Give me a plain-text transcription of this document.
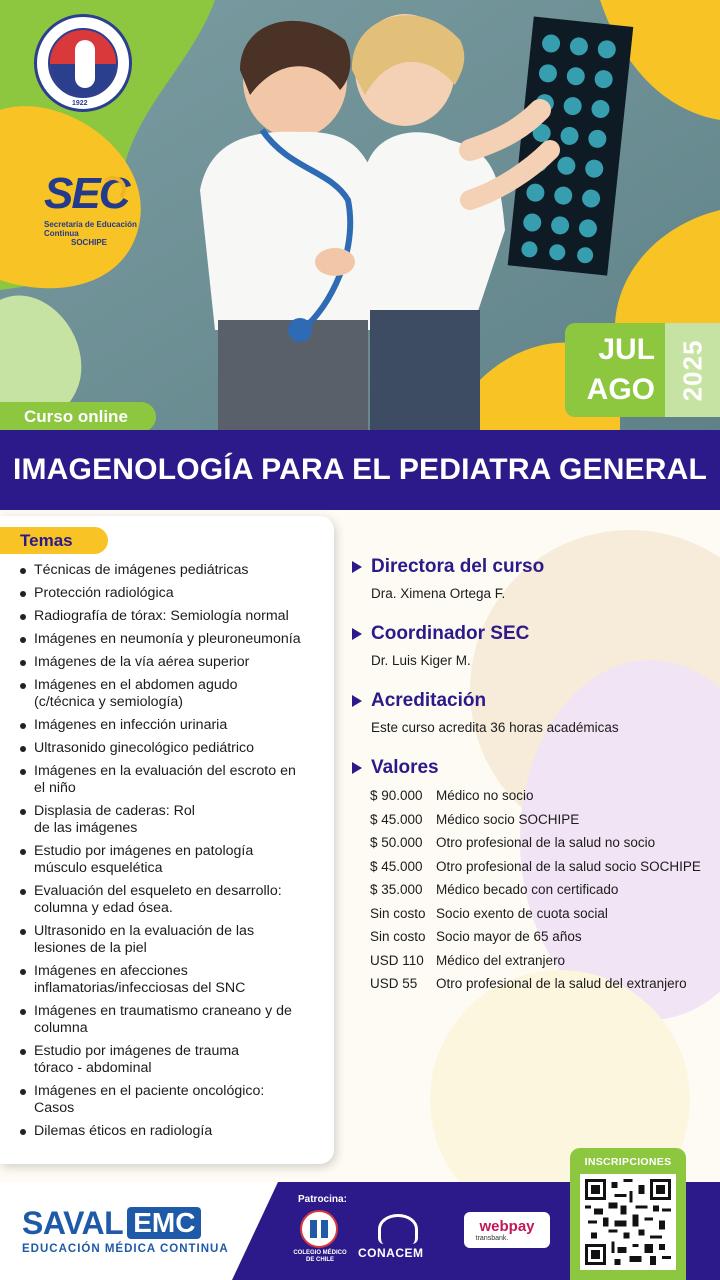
1922
SEC
Secretaría de Educación Continua
SOCHIPE
JUL
AGO 2025
Curso online
IMAGENOLOGÍA PARA EL PEDIATRA GENERAL
Temas
Técnicas de imágenes pediátricas
Protección radiológica
Radiografía de tórax: Semiología normal
Imágenes en neumonía y pleuroneumonía
Imágenes de la vía aérea superior
Imágenes en el abdomen agudo (c/técnica y semiología)
Imágenes en infección urinaria
Ultrasonido ginecológico pediátrico
Imágenes en la evaluación del escroto en el niño
Displasia de caderas: Rol de las imágenes
Estudio por imágenes en patología músculo esquelética
Evaluación del esqueleto en desarrollo: columna y edad ósea.
Ultrasonido en la evaluación de las lesiones de la piel
Imágenes en afecciones inflamatorias/infecciosas del SNC
Imágenes en traumatismo craneano y de columna
Estudio por imágenes de trauma tóraco - abdominal
Imágenes en el paciente oncológico: Casos
Dilemas éticos en radiología
Directora del curso
Dra. Ximena Ortega F.
Coordinador SEC
Dr. Luis Kiger M.
Acreditación
Este curso acredita 36 horas académicas
Valores
$ 90.000 Médico no socio
$ 45.000 Médico socio SOCHIPE
$ 50.000 Otro profesional de la salud no socio
$ 45.000 Otro profesional de la salud socio SOCHIPE
$ 35.000 Médico becado con certificado
Sin costo Socio exento de cuota social
Sin costo Socio mayor de 65 años
USD 110 Médico del extranjero
USD 55	Otro profesional de la salud del extranjero
SAVAL EMC
EDUCACIÓN MÉDICA CONTINUA
Patrocina:
COLEGIO MÉDICO DE CHILE	CONACEM
webpay
transbank.
INSCRIPCIONES
